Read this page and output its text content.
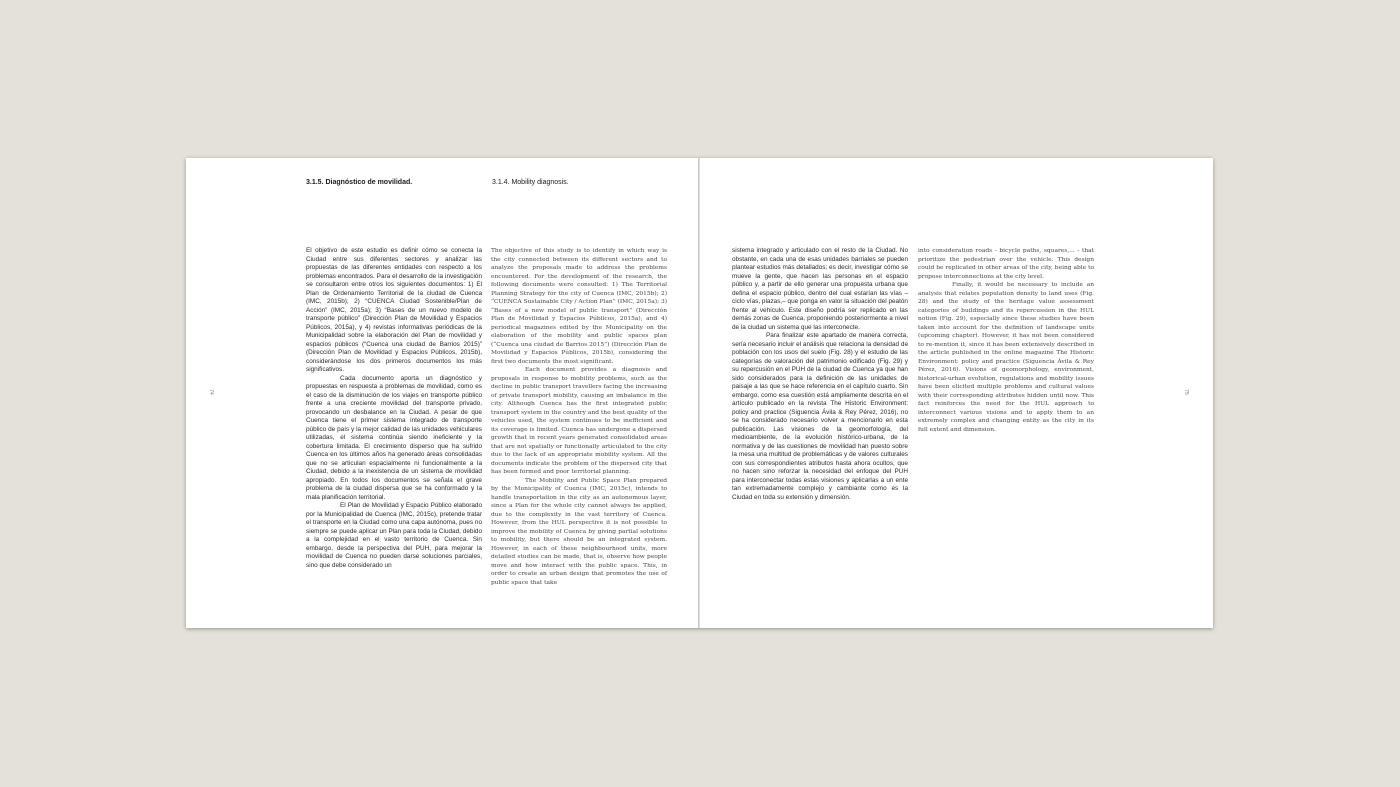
3.1.5. Diagnóstico de movilidad.	3.1.4. Mobility diagnosis.

El objetivo de este estudio es definir cómo se conecta la Ciudad entre sus diferentes sectores y analizar las propuestas de las diferentes entidades con respecto a los problemas encontrados. Para el desarrollo de la investigación se consultaron entre otros los siguientes documentos: 1) El Plan de Ordenamiento Territorial de la ciudad de Cuenca (IMC, 2015b); 2) “CUENCA Ciudad Sostenible/Plan de Acción” (IMC, 2015a); 3) “Bases de un nuevo modelo de transporte público” (Dirección Plan de Movilidad y Espacios Públicos, 2015a), y 4) revistas informativas periódicas de la Municipalidad sobre la elaboración del Plan de movilidad y espacios públicos (“Cuenca una ciudad de Barrios 2015)” (Dirección Plan de Movilidad y Espacios Públicos, 2015b), considerándose los dos primeros documentos los más significativos.

Cada documento aporta un diagnóstico y propuestas en respuesta a problemas de movilidad, como es el caso de la disminución de los viajes en transporte público frente a una creciente movilidad del transporte privado, provocando un desbalance en la Ciudad. A pesar de que Cuenca tiene el primer sistema integrado de transporte público de país y la mejor calidad de las unidades vehiculares utilizadas, el sistema continúa siendo ineficiente y la cobertura limitada. El crecimiento disperso que ha sufrido Cuenca en los últimos años ha generado áreas consolidadas que no se articulan espacialmente ni funcionalmente a la Ciudad, debido a la inexistencia de un sistema de movilidad apropiado. En todos los documentos se señala el grave problema de la ciudad dispersa que se ha conformado y la mala planificación territorial.

El Plan de Movilidad y Espacio Público elaborado por la Municipalidad de Cuenca (IMC, 2015c), pretende tratar el transporte en la Ciudad como una capa autónoma, pues no siempre se puede aplicar un Plan para toda la Ciudad, debido a la complejidad en el vasto territorio de Cuenca. Sin embargo, desde la perspectiva del PUH, para mejorar la movilidad de Cuenca no pueden darse soluciones parciales, sino que debe considerado un

The objective of this study is to identify in which way is the city connected between its different sectors and to analyze the proposals made to address the problems encountered. For the development of the research, the following documents were consulted: 1) The Territorial Planning Strategy for the city of Cuenca (IMC, 2015b); 2) “CUENCA Sustainable City / Action Plan” (IMC, 2015a); 3) “Bases of a new model of public transport” (Dirección Plan de Movilidad y Espacios Públicos, 2015a), and 4) periodical magazines edited by the Municipality on the elaboration of the mobility and public spaces plan (“Cuenca una ciudad de Barrios 2015”) (Dirección Plan de Movilidad y Espacios Públicos, 2015b), considering the first two documents the most significant.

Each document provides a diagnosis and proposals in response to mobility problems, such as the decline in public transport travellers facing the increasing of private transport mobility, causing an imbalance in the city. Although Cuenca has the first integrated public transport system in the country and the best quality of the vehicles used, the system continues to be inefficient and its coverage is limited. Cuenca has undergone a dispersed growth that in recent years generated consolidated areas that are not spatially or functionally articulated to the city due to the lack of an appropriate mobility system. All the documents indicate the problem of the dispersed city that has been formed and poor territorial planning.

The Mobility and Public Space Plan prepared by the Municipality of Cuenca (IMC, 2015c), intends to handle transportation in the city as an autonomous layer, since a Plan for the whole city cannot always be applied, due to the complexity in the vast territory of Cuenca. However, from the HUL perspective it is not possible to improve the mobility of Cuenca by giving partial solutions to mobility, but there should be an integrated system. However, in each of these neighbourhood units, more detailed studies can be made, that is, observe how people move and how interact with the public space. This, in order to create an urban design that promotes the use of public space that take

74

sistema integrado y articulado con el resto de la Ciudad. No obstante, en cada una de esas unidades barriales se pueden plantear estudios más detallados; es decir, investigar cómo se mueve la gente, que hacen las personas en el espacio público y, a partir de ello generar una propuesta urbana que defina el espacio público, dentro del cual estarían las vías –ciclo vías, plazas,– que ponga en valor la situación del peatón frente al vehículo. Este diseño podría ser replicado en las demás zonas de Cuenca, proponiendo posteriormente a nivel de la ciudad un sistema que las interconecte.

Para finalizar este apartado de manera correcta, sería necesario incluir el análisis que relaciona la densidad de población con los usos del suelo (Fig. 28) y el estudio de las categorías de valoración del patrimonio edificado (Fig. 29) y su repercusión en el PUH de la ciudad de Cuenca ya que han sido considerados para la definición de las unidades de paisaje a las que se hace referencia en el capítulo cuarto. Sin embargo, como esa cuestión está ampliamente descrita en el artículo publicado en la revista The Historic Environment: policy and practice (Siguencia Ávila & Rey Pérez, 2016), no se ha considerado necesario volver a mencionarlo en esta publicación. Las visiones de la geomorfología, del medioambiente, de la evolución histórico-urbana, de la normativa y de las cuestiones de movilidad han puesto sobre la mesa una multitud de problemáticas y de valores culturales con sus correspondientes atributos hasta ahora ocultos, que no hacen sino reforzar la necesidad del enfoque del PUH para interconectar todas estas visiones y aplicarlas a un ente tan extremadamente complejo y cambiante como es la Ciudad en toda su extensión y dimensión.

into consideration roads - bicycle paths, squares,... - that prioritize the pedestrian over the vehicle. This design could be replicated in other areas of the city, being able to propose interconnections at the city level.

Finally, it would be necessary to include an analysis that relates population density to land uses (Fig. 28) and the study of the heritage value assessment categories of buildings and its repercussion in the HUL notion (Fig. 29), especially since these studies have been taken into account for the definition of landscape units (upcoming chapter). However, it has not been considered to re-mention it, since it has been extensively described in the article published in the online magazine The Historic Environment: policy and practice (Siguencia Ávila & Rey Pérez, 2016). Visions of geomorphology, environment, historical-urban evolution, regulations and mobility issues have been elicited multiple problems and cultural values with their corresponding attributes hidden until now. This fact reinforces the need for the HUL approach to interconnect various visions and to apply them to an extremely complex and changing entity as the city in its full extent and dimension.

75
